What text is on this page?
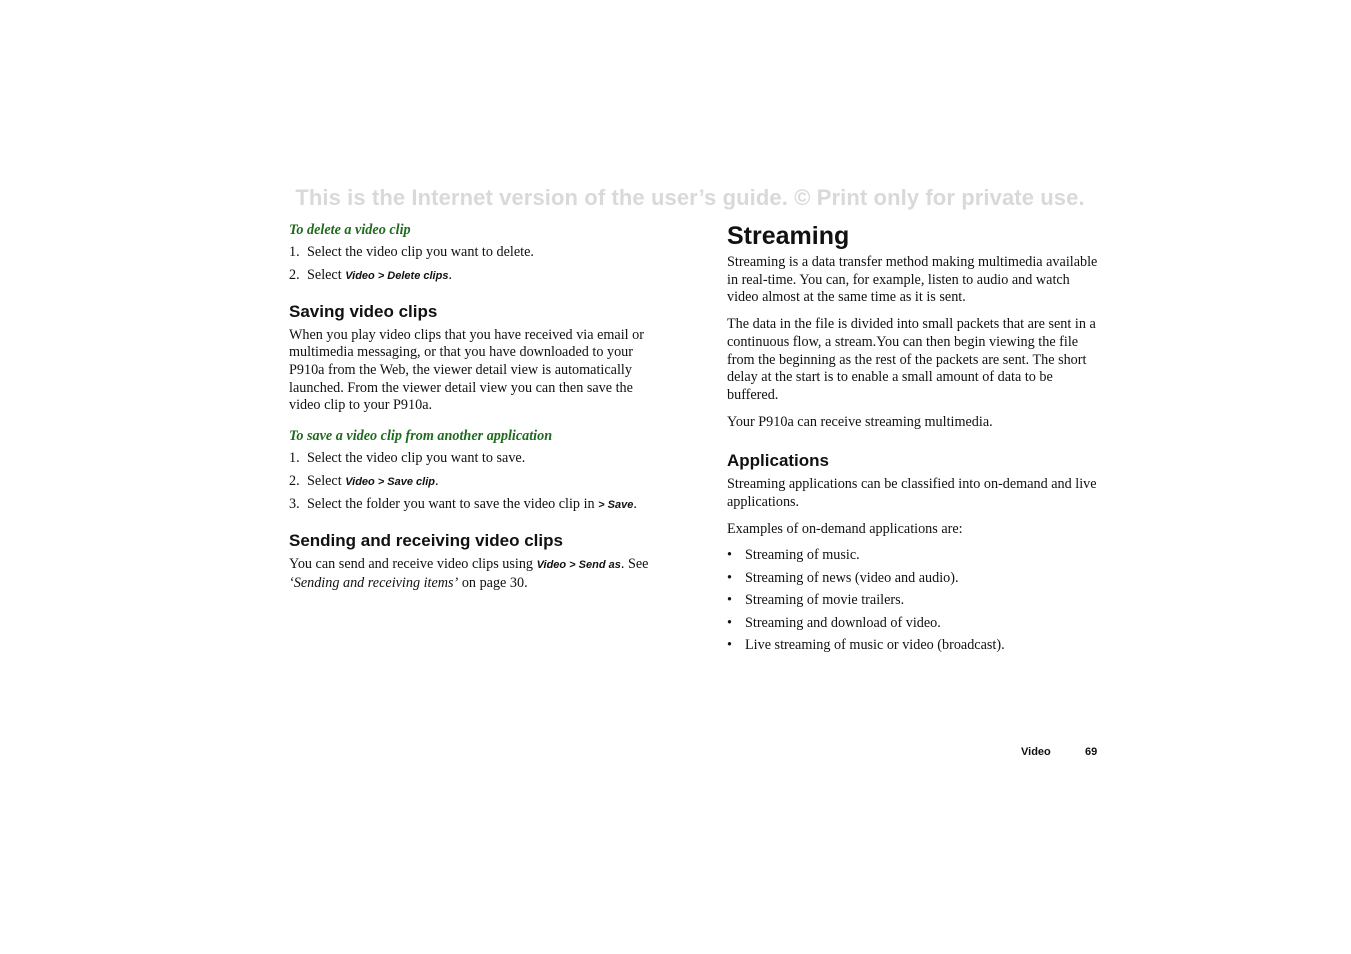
This is the Internet version of the user’s guide. © Print only for private use.

To delete a video clip

1. Select the video clip you want to delete.
2. Select Video > Delete clips.
Saving video clips

When you play video clips that you have received via email or multimedia messaging, or that you have downloaded to your P910a from the Web, the viewer detail view is automatically launched. From the viewer detail view you can then save the video clip to your P910a.

To save a video clip from another application

1. Select the video clip you want to save.
2. Select Video > Save clip.
3. Select the folder you want to save the video clip in > Save.
Sending and receiving video clips

You can send and receive video clips using Video > Send as. See ‘Sending and receiving items’ on page 30.

Streaming

Streaming is a data transfer method making multimedia available in real-time. You can, for example, listen to audio and watch video almost at the same time as it is sent.

The data in the file is divided into small packets that are sent in a continuous flow, a stream.You can then begin viewing the file from the beginning as the rest of the packets are sent. The short delay at the start is to enable a small amount of data to be buffered.

Your P910a can receive streaming multimedia.

Applications

Streaming applications can be classified into on-demand and live applications.

Examples of on-demand applications are:

• Streaming of music.
• Streaming of news (video and audio).
• Streaming of movie trailers.
• Streaming and download of video.
• Live streaming of music or video (broadcast).
Video	69
